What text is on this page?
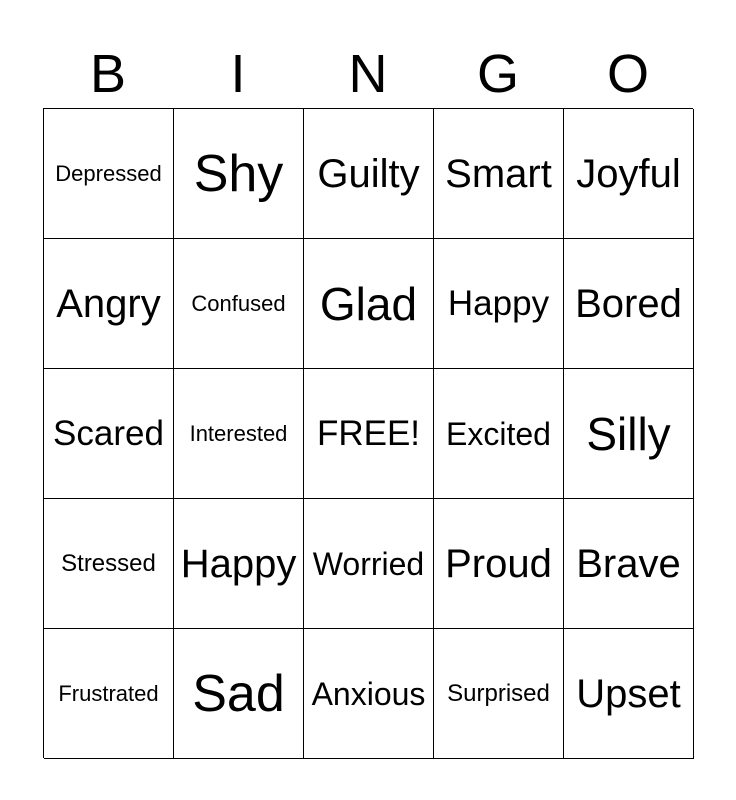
B	I	N	G	O
Depressed Shy Guilty Smart Joyful
Angry Confused Glad Happy Bored
Scared Interested FREE! Excited Silly
Stressed Happy Worried Proud Brave
Frustrated Sad Anxious Surprised Upset
